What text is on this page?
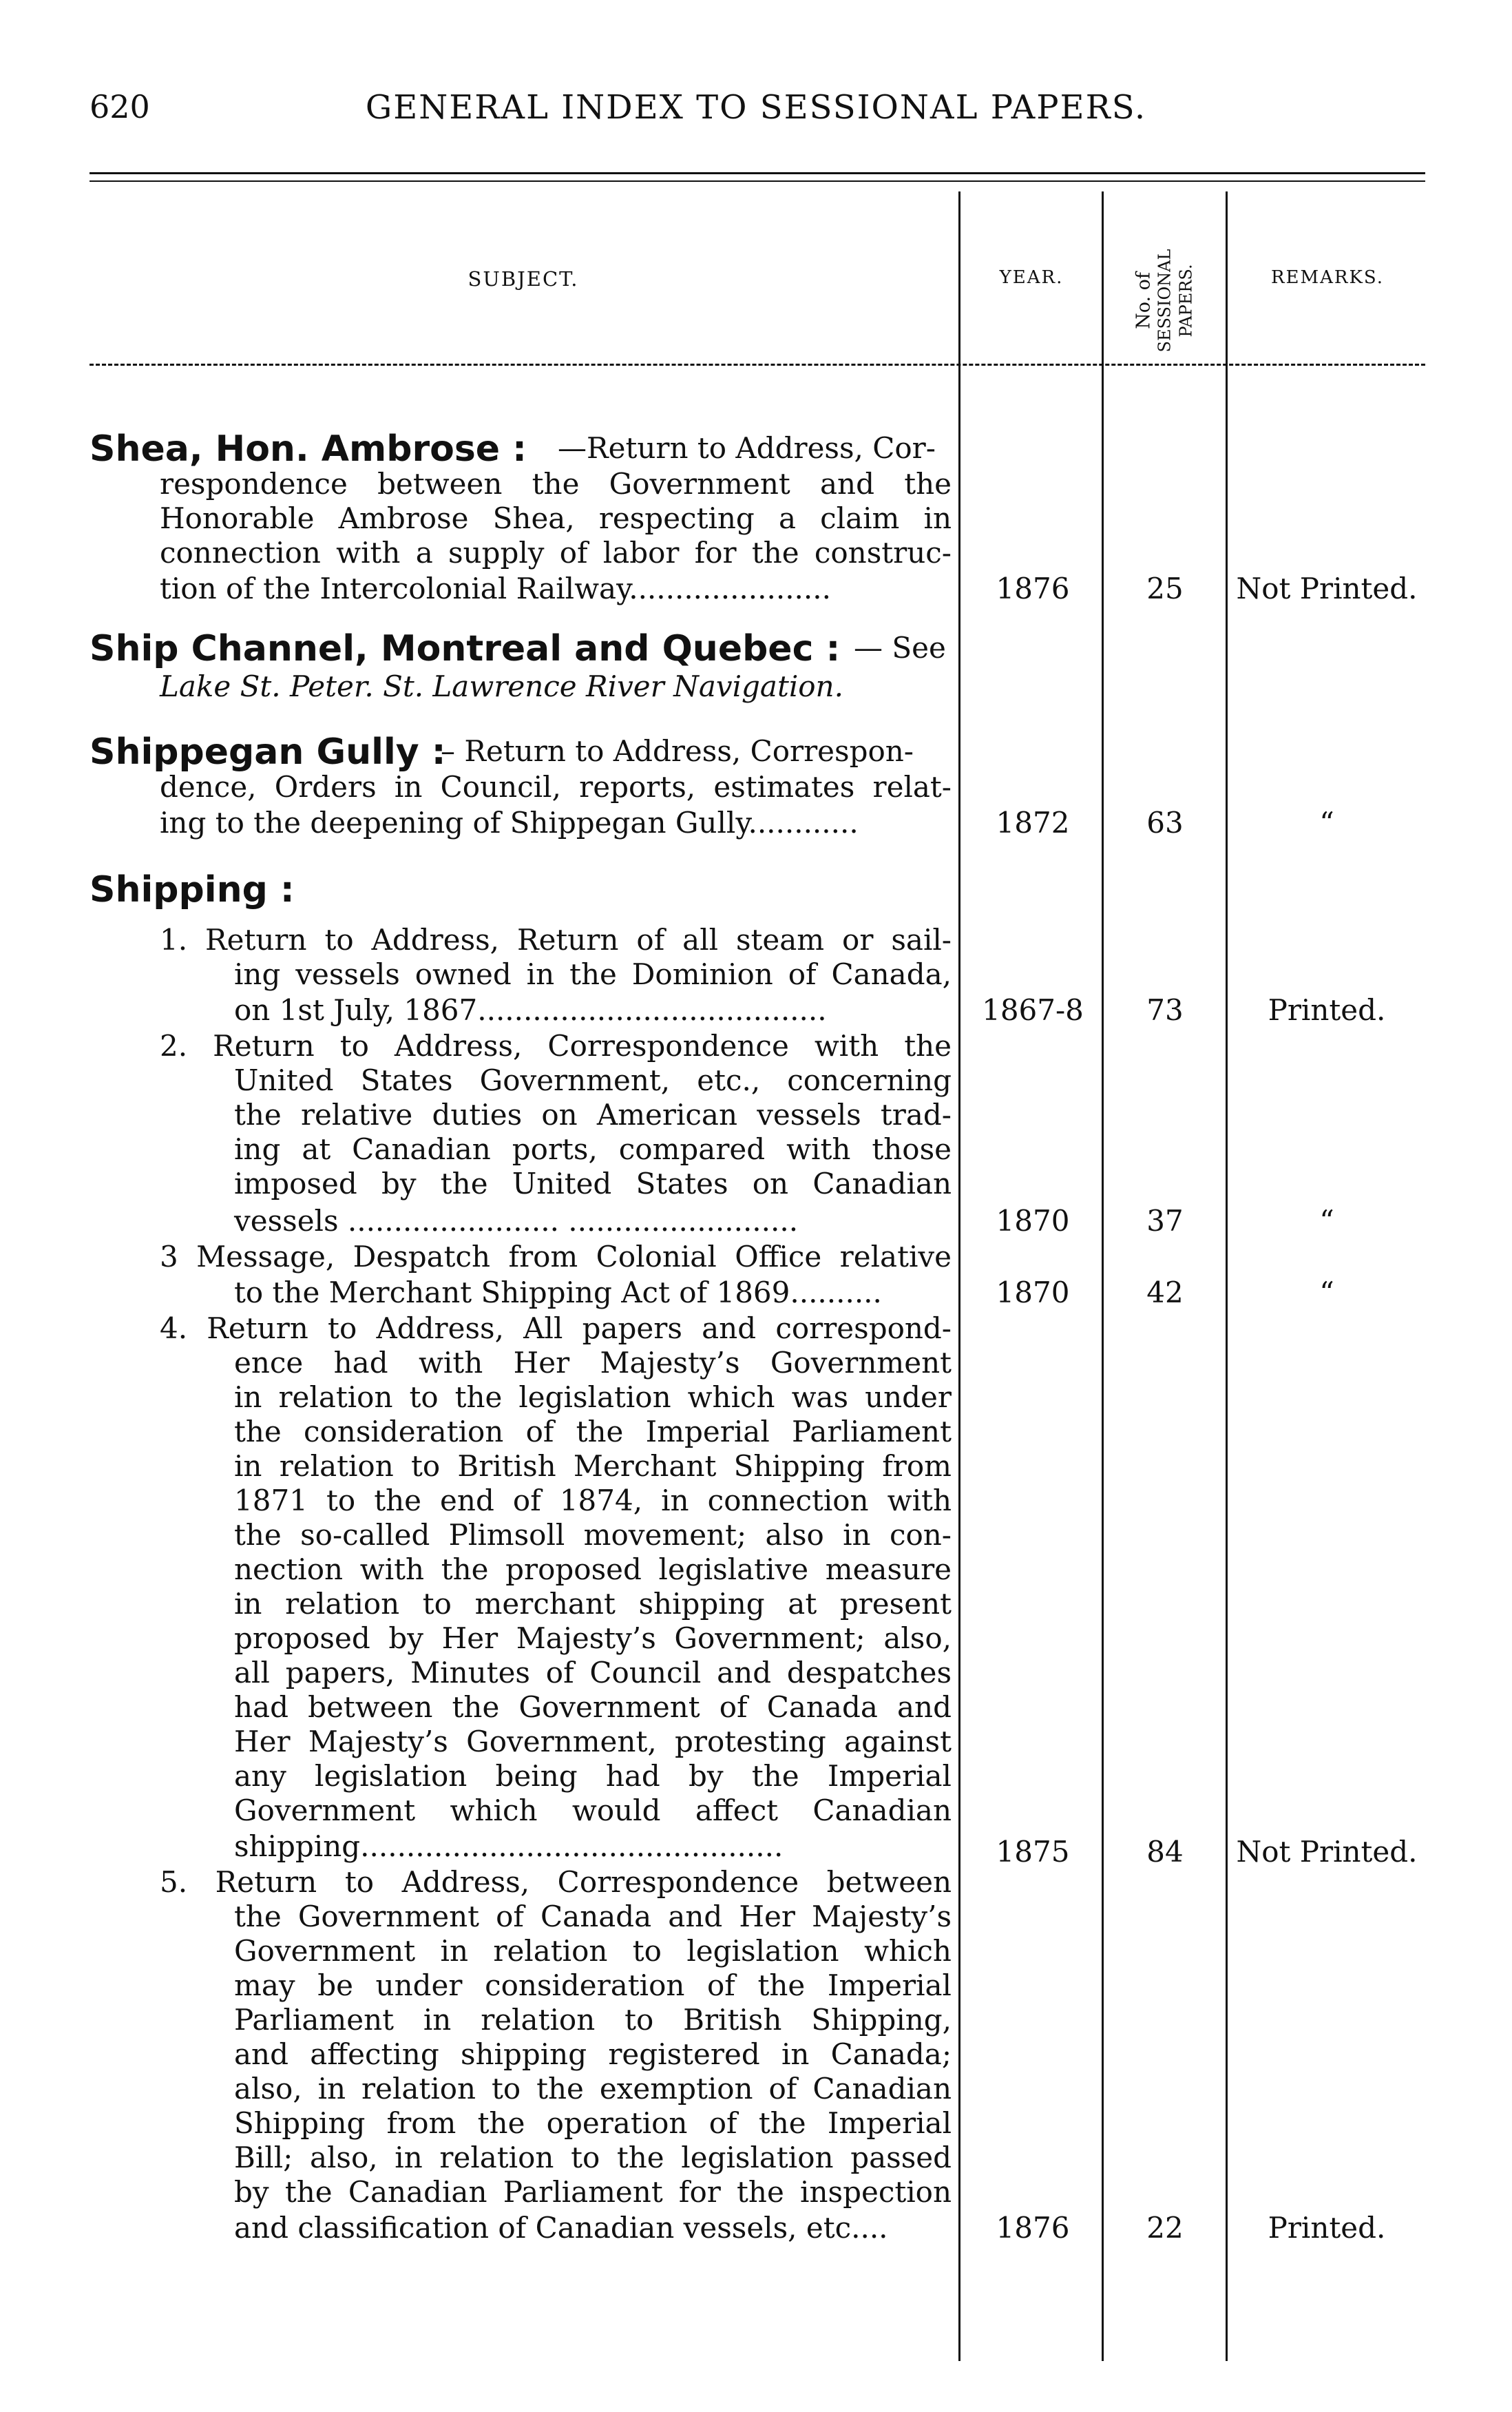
620	GENERAL INDEX TO SESSIONAL PAPERS.
SUBJECT.	YEAR.	No. of SESSIONAL PAPERS.	REMARKS.
Shea, Hon. Ambrose : —Return to Address, Cor-
respondence between the Government and the
Honorable Ambrose Shea, respecting a claim in
connection with a supply of labor for the construc-
tion of the Intercolonial Railway......................	1876	25	Not Printed.
Ship Channel, Montreal and Quebec : — See
Lake St. Peter. St. Lawrence River Navigation.
Shippegan Gully :
– Return to Address, Correspon-
dence, Orders in Council, reports, estimates relat-
ing to the deepening of Shippegan Gully............	1872	63	“
Shipping :
1. Return to Address, Return of all steam or sail-
ing vessels owned in the Dominion of Canada,
on 1st July, 1867......................................	1867-8	73	Printed.
2. Return to Address, Correspondence with the
United States Government, etc., concerning
the relative duties on American vessels trad-
ing at Canadian ports, compared with those
imposed by the United States on Canadian
vessels ....................... .........................	1870	37	“
3 Message, Despatch from Colonial Office relative
to the Merchant Shipping Act of 1869..........	1870	42	“
4. Return to Address, All papers and correspond-
ence had with Her Majesty’s Government
in relation to the legislation which was under
the consideration of the Imperial Parliament
in relation to British Merchant Shipping from
1871 to the end of 1874, in connection with
the so-called Plimsoll movement; also in con-
nection with the proposed legislative measure
in relation to merchant shipping at present
proposed by Her Majesty’s Government; also,
all papers, Minutes of Council and despatches
had between the Government of Canada and
Her Majesty’s Government, protesting against
any legislation being had by the Imperial
Government which would affect Canadian
shipping..............................................	1875	84	Not Printed.
5. Return to Address, Correspondence between
the Government of Canada and Her Majesty’s
Government in relation to legislation which
may be under consideration of the Imperial
Parliament in relation to British Shipping,
and affecting shipping registered in Canada;
also, in relation to the exemption of Canadian
Shipping from the operation of the Imperial
Bill; also, in relation to the legislation passed
by the Canadian Parliament for the inspection
and classification of Canadian vessels, etc....	1876	22	Printed.
